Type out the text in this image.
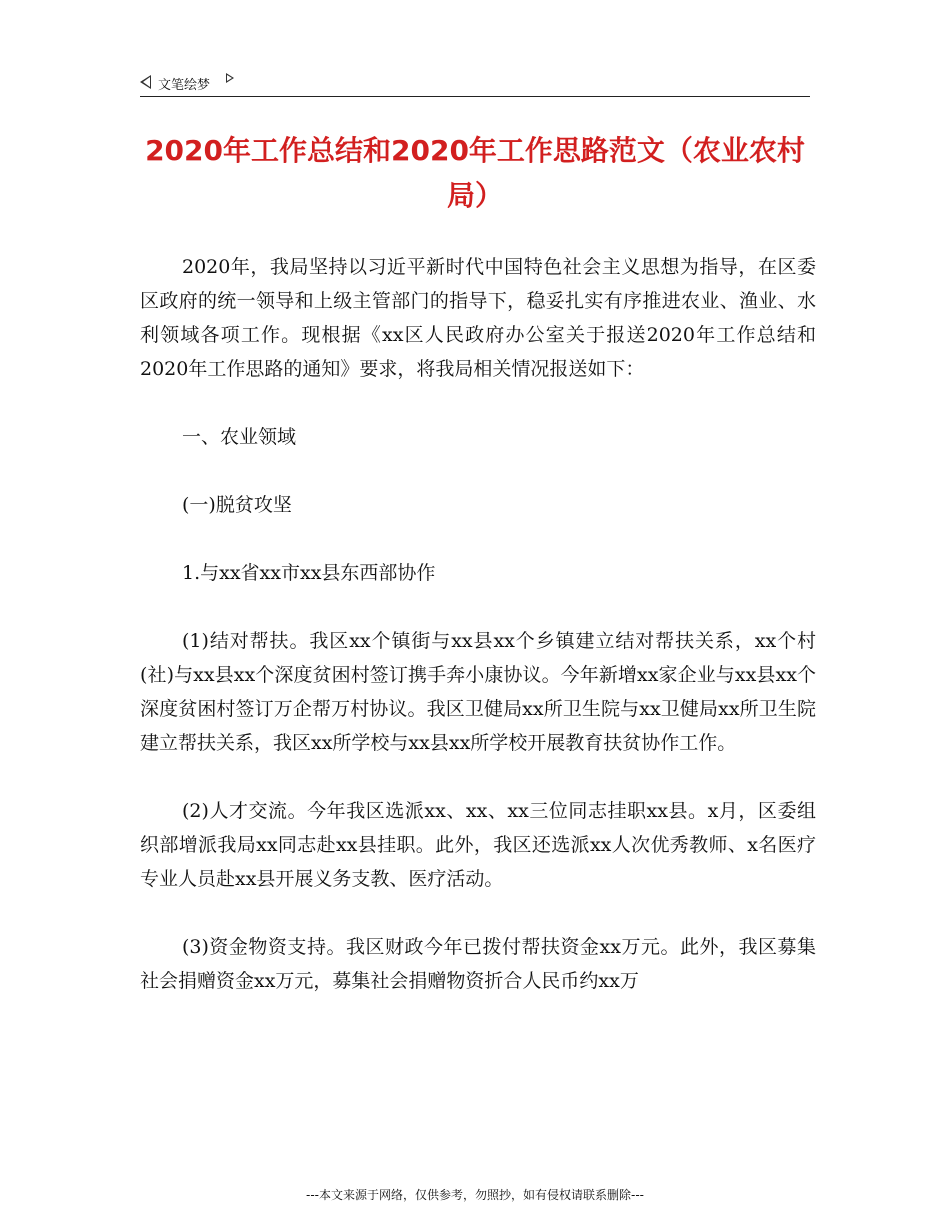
文笔绘梦
2020年工作总结和2020年工作思路范文（农业农村
局）

2020年，我局坚持以习近平新时代中国特色社会主义思想为指导，在区委区政府的统一领导和上级主管部门的指导下，稳妥扎实有序推进农业、渔业、水利领域各项工作。现根据《xx区人民政府办公室关于报送2020年工作总结和2020年工作思路的通知》要求，将我局相关情况报送如下：

一、农业领域

(一)脱贫攻坚

1.与xx省xx市xx县东西部协作

(1)结对帮扶。我区xx个镇街与xx县xx个乡镇建立结对帮扶关系，xx个村(社)与xx县xx个深度贫困村签订携手奔小康协议。今年新增xx家企业与xx县xx个深度贫困村签订万企帮万村协议。我区卫健局xx所卫生院与xx卫健局xx所卫生院建立帮扶关系，我区xx所学校与xx县xx所学校开展教育扶贫协作工作。

(2)人才交流。今年我区选派xx、xx、xx三位同志挂职xx县。x月，区委组织部增派我局xx同志赴xx县挂职。此外，我区还选派xx人次优秀教师、x名医疗专业人员赴xx县开展义务支教、医疗活动。

(3)资金物资支持。我区财政今年已拨付帮扶资金xx万元。此外，我区募集社会捐赠资金xx万元，募集社会捐赠物资折合人民币约xx万

---本文来源于网络，仅供参考，勿照抄，如有侵权请联系删除---
